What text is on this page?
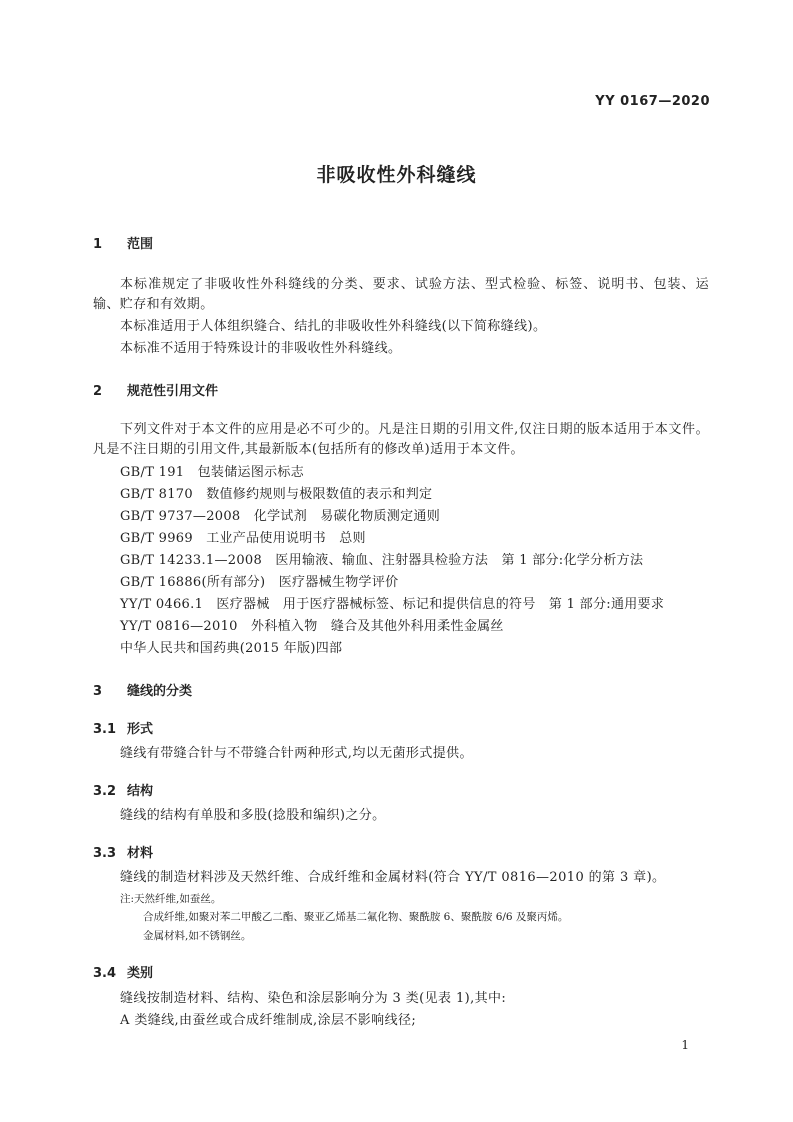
YY 0167—2020
非吸收性外科缝线
1 范围
本标准规定了非吸收性外科缝线的分类、要求、试验方法、型式检验、标签、说明书、包装、运输、贮存和有效期。
本标准适用于人体组织缝合、结扎的非吸收性外科缝线(以下简称缝线)。
本标准不适用于特殊设计的非吸收性外科缝线。
2 规范性引用文件
下列文件对于本文件的应用是必不可少的。凡是注日期的引用文件,仅注日期的版本适用于本文件。凡是不注日期的引用文件,其最新版本(包括所有的修改单)适用于本文件。
GB/T 191　包装储运图示标志
GB/T 8170　数值修约规则与极限数值的表示和判定
GB/T 9737—2008　化学试剂　易碳化物质测定通则
GB/T 9969　工业产品使用说明书　总则
GB/T 14233.1—2008　医用输液、输血、注射器具检验方法　第 1 部分:化学分析方法
GB/T 16886(所有部分)　医疗器械生物学评价
YY/T 0466.1　医疗器械　用于医疗器械标签、标记和提供信息的符号　第 1 部分:通用要求
YY/T 0816—2010　外科植入物　缝合及其他外科用柔性金属丝
中华人民共和国药典(2015 年版)四部
3 缝线的分类
3.1 形式
缝线有带缝合针与不带缝合针两种形式,均以无菌形式提供。
3.2 结构
缝线的结构有单股和多股(捻股和编织)之分。
3.3 材料
缝线的制造材料涉及天然纤维、合成纤维和金属材料(符合 YY/T 0816—2010 的第 3 章)。
注:天然纤维,如蚕丝。
合成纤维,如聚对苯二甲酸乙二酯、聚亚乙烯基二氟化物、聚酰胺 6、聚酰胺 6/6 及聚丙烯。
金属材料,如不锈钢丝。
3.4 类别
缝线按制造材料、结构、染色和涂层影响分为 3 类(见表 1),其中:
A 类缝线,由蚕丝或合成纤维制成,涂层不影响线径;
1
